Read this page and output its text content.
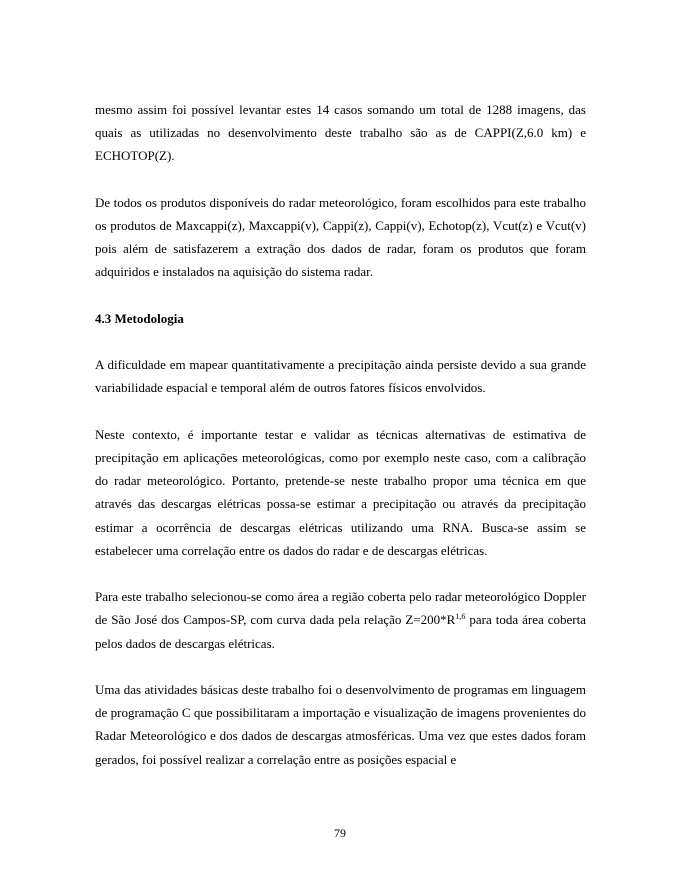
mesmo assim foi possível levantar estes 14 casos somando um total de 1288 imagens, das quais as utilizadas no desenvolvimento deste trabalho são as de CAPPI(Z,6.0 km) e ECHOTOP(Z).

De todos os produtos disponíveis do radar meteorológico, foram escolhidos para este trabalho os produtos de Maxcappi(z), Maxcappi(v), Cappi(z), Cappi(v), Echotop(z), Vcut(z) e Vcut(v) pois além de satisfazerem a extração dos dados de radar, foram os produtos que foram adquiridos e instalados na aquisição do sistema radar.

4.3 Metodologia

A dificuldade em mapear quantitativamente a precipitação ainda persiste devido a sua grande variabilidade espacial e temporal além de outros fatores físicos envolvidos.

Neste contexto, é importante testar e validar as técnicas alternativas de estimativa de precipitação em aplicações meteorológicas, como por exemplo neste caso, com a calibração do radar meteorológico. Portanto, pretende-se neste trabalho propor uma técnica em que através das descargas elétricas possa-se estimar a precipitação ou através da precipitação estimar a ocorrência de descargas elétricas utilizando uma RNA. Busca-se assim se estabelecer uma correlação entre os dados do radar e de descargas elétricas.

Para este trabalho selecionou-se como área a região coberta pelo radar meteorológico Doppler de São José dos Campos-SP, com curva dada pela relação $Z=200*R^{1,6}$ para toda área coberta pelos dados de descargas elétricas.

Uma das atividades básicas deste trabalho foi o desenvolvimento de programas em linguagem de programação C que possibilitaram a importação e visualização de imagens provenientes do Radar Meteorológico e dos dados de descargas atmosféricas. Uma vez que estes dados foram gerados, foi possível realizar a correlação entre as posições espacial e

79
